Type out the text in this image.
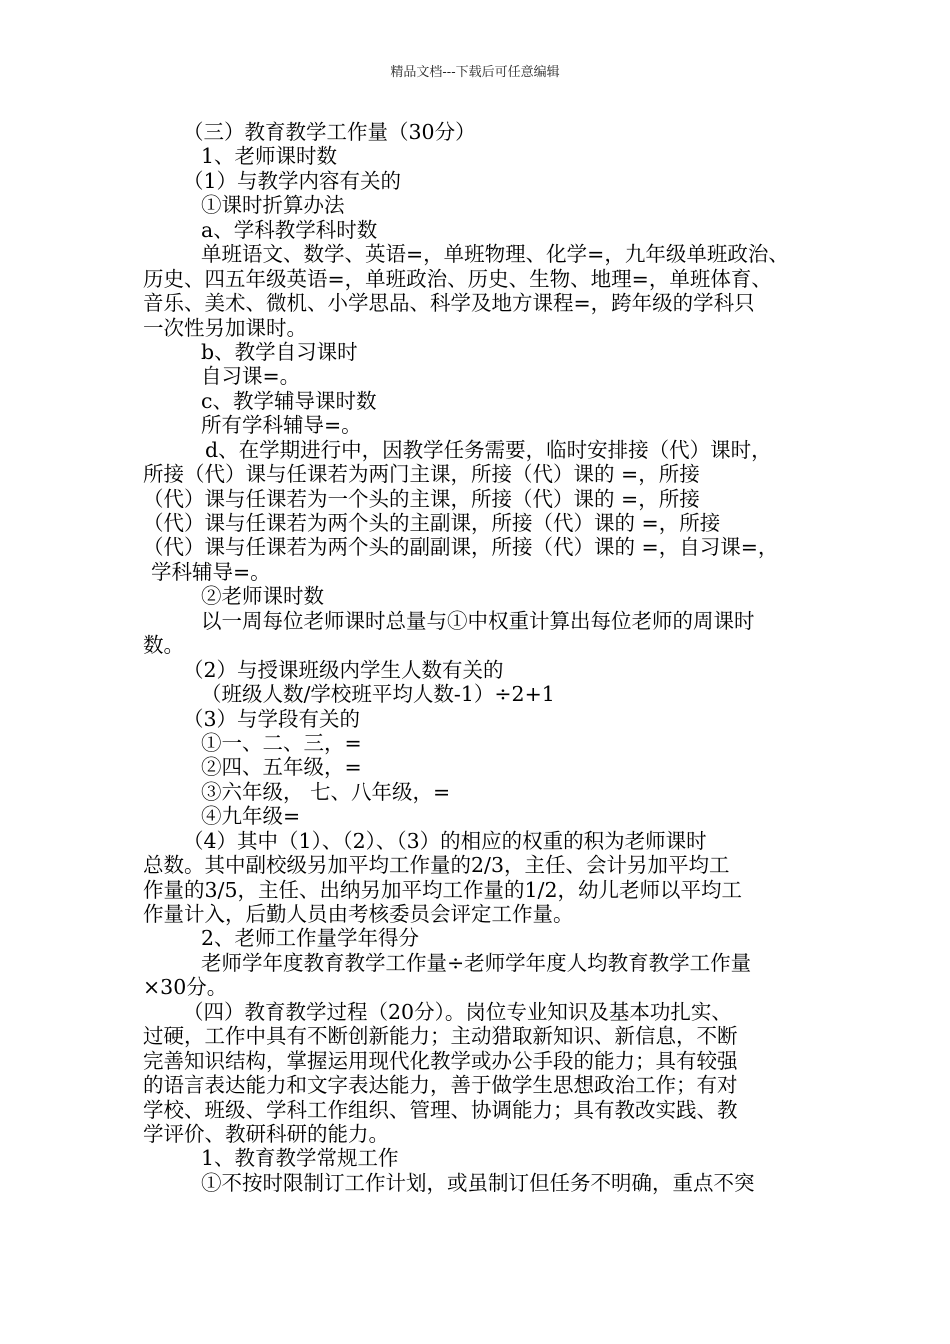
精品文档---下载后可任意编辑
（三）教育教学工作量（30分）
1、老师课时数
（1）与教学内容有关的
①课时折算办法
a、学科教学科时数
单班语文、数学、英语=，单班物理、化学=，九年级单班政治、
历史、四五年级英语=，单班政治、历史、生物、地理=，单班体育、
音乐、美术、微机、小学思品、科学及地方课程=，跨年级的学科只
一次性另加课时。
b、教学自习课时
自习课=。
c、教学辅导课时数
所有学科辅导=。
d、在学期进行中，因教学任务需要，临时安排接（代）课时，
所接（代）课与任课若为两门主课，所接（代）课的 =，所接
（代）课与任课若为一个头的主课，所接（代）课的 =，所接
（代）课与任课若为两个头的主副课，所接（代）课的 =，所接
（代）课与任课若为两个头的副副课，所接（代）课的 =，自习课=，
学科辅导=。
②老师课时数
以一周每位老师课时总量与①中权重计算出每位老师的周课时
数。
（2）与授课班级内学生人数有关的
（班级人数/学校班平均人数-1）÷2+1
（3）与学段有关的
①一、二、三，=
②四、五年级，=
③六年级， 七、八年级，=
④九年级=
（4）其中（1）、（2）、（3）的相应的权重的积为老师课时
总数。其中副校级另加平均工作量的2/3，主任、会计另加平均工
作量的3/5，主任、出纳另加平均工作量的1/2，幼儿老师以平均工
作量计入，后勤人员由考核委员会评定工作量。
2、老师工作量学年得分
老师学年度教育教学工作量÷老师学年度人均教育教学工作量
×30分。
（四）教育教学过程（20分）。岗位专业知识及基本功扎实、
过硬，工作中具有不断创新能力；主动猎取新知识、新信息，不断
完善知识结构，掌握运用现代化教学或办公手段的能力；具有较强
的语言表达能力和文字表达能力，善于做学生思想政治工作；有对
学校、班级、学科工作组织、管理、协调能力；具有教改实践、教
学评价、教研科研的能力。
1、教育教学常规工作
①不按时限制订工作计划，或虽制订但任务不明确，重点不突
